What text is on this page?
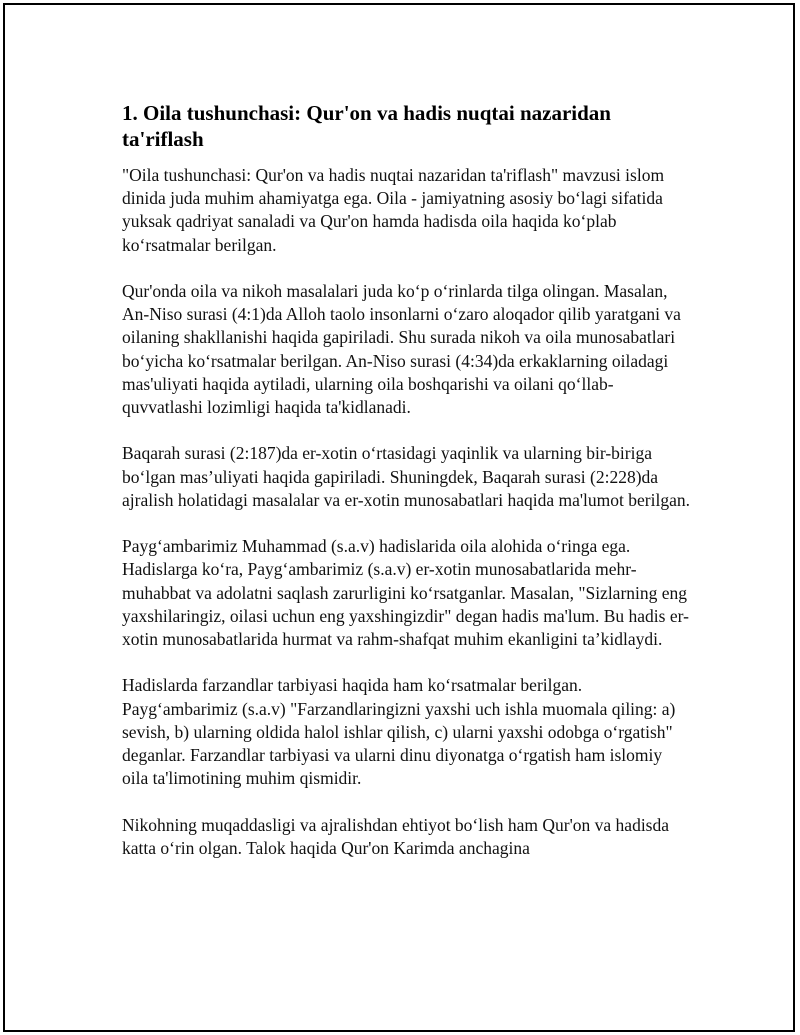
1. Oila tushunchasi: Qur'on va hadis nuqtai nazaridan ta'riflash

"Oila tushunchasi: Qur'on va hadis nuqtai nazaridan ta'riflash" mavzusi islom dinida juda muhim ahamiyatga ega. Oila - jamiyatning asosiy bo‘lagi sifatida yuksak qadriyat sanaladi va Qur'on hamda hadisda oila haqida ko‘plab ko‘rsatmalar berilgan.

Qur'onda oila va nikoh masalalari juda ko‘p o‘rinlarda tilga olingan. Masalan, An-Niso surasi (4:1)da Alloh taolo insonlarni o‘zaro aloqador qilib yaratgani va oilaning shakllanishi haqida gapiriladi. Shu surada nikoh va oila munosabatlari bo‘yicha ko‘rsatmalar berilgan. An-Niso surasi (4:34)da erkaklarning oiladagi mas'uliyati haqida aytiladi, ularning oila boshqarishi va oilani qo‘llab-quvvatlashi lozimligi haqida ta'kidlanadi.

Baqarah surasi (2:187)da er-xotin o‘rtasidagi yaqinlik va ularning bir-biriga bo‘lgan mas’uliyati haqida gapiriladi. Shuningdek, Baqarah surasi (2:228)da ajralish holatidagi masalalar va er-xotin munosabatlari haqida ma'lumot berilgan.

Payg‘ambarimiz Muhammad (s.a.v) hadislarida oila alohida o‘ringa ega. Hadislarga ko‘ra, Payg‘ambarimiz (s.a.v) er-xotin munosabatlarida mehr-muhabbat va adolatni saqlash zarurligini ko‘rsatganlar. Masalan, "Sizlarning eng yaxshilaringiz, oilasi uchun eng yaxshingizdir" degan hadis ma'lum. Bu hadis er-xotin munosabatlarida hurmat va rahm-shafqat muhim ekanligini ta’kidlaydi.

Hadislarda farzandlar tarbiyasi haqida ham ko‘rsatmalar berilgan. Payg‘ambarimiz (s.a.v) "Farzandlaringizni yaxshi uch ishla muomala qiling: a) sevish, b) ularning oldida halol ishlar qilish, c) ularni yaxshi odobga o‘rgatish" deganlar. Farzandlar tarbiyasi va ularni dinu diyonatga o‘rgatish ham islomiy oila ta'limotining muhim qismidir.

Nikohning muqaddasligi va ajralishdan ehtiyot bo‘lish ham Qur'on va hadisda katta o‘rin olgan. Talok haqida Qur'on Karimda anchagina
